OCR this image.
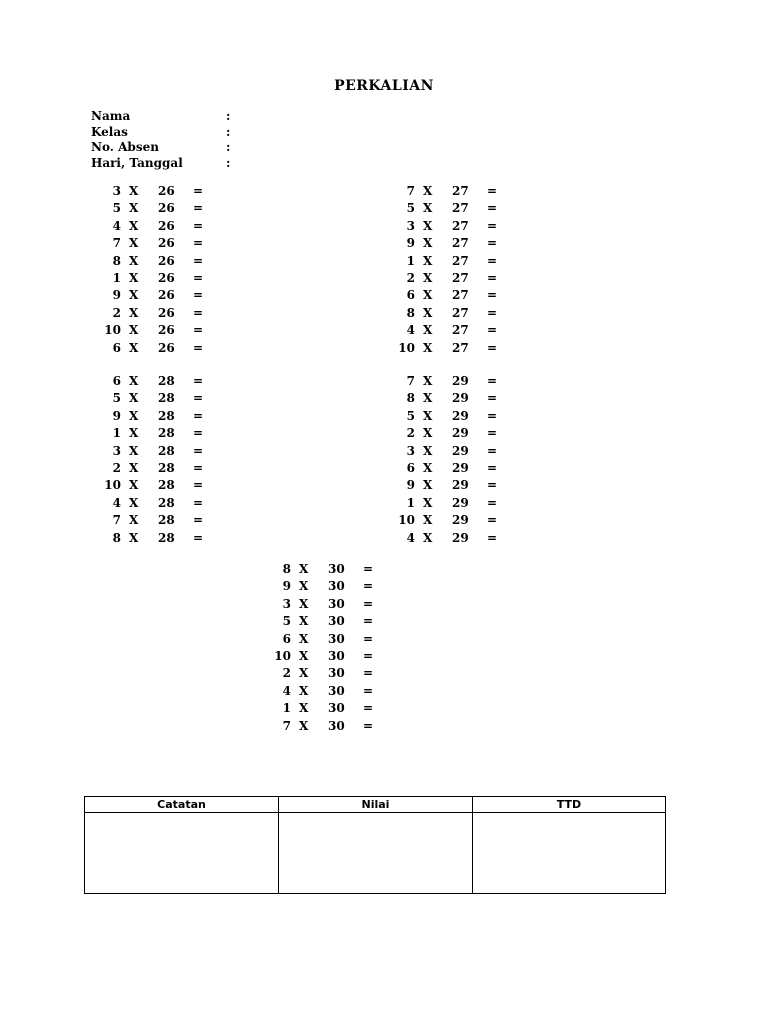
PERKALIAN
Nama	:
Kelas	:
No. Absen	:
Hari, Tanggal	:
3 X 26 =
5 X 26 =
4 X 26 =
7 X 26 =
8 X 26 =
1 X 26 =
9 X 26 =
2 X 26 =
10 X 26 =
6 X 26 =
7 X 27 =
5 X 27 =
3 X 27 =
9 X 27 =
1 X 27 =
2 X 27 =
6 X 27 =
8 X 27 =
4 X 27 =
10 X 27 =
6 X 28 =
5 X 28 =
9 X 28 =
1 X 28 =
3 X 28 =
2 X 28 =
10 X 28 =
4 X 28 =
7 X 28 =
8 X 28 =
7 X 29 =
8 X 29 =
5 X 29 =
2 X 29 =
3 X 29 =
6 X 29 =
9 X 29 =
1 X 29 =
10 X 29 =
4 X 29 =
8 X 30 =
9 X 30 =
3 X 30 =
5 X 30 =
6 X 30 =
10 X 30 =
2 X 30 =
4 X 30 =
1 X 30 =
7 X 30 =
Catatan	Nilai	TTD
